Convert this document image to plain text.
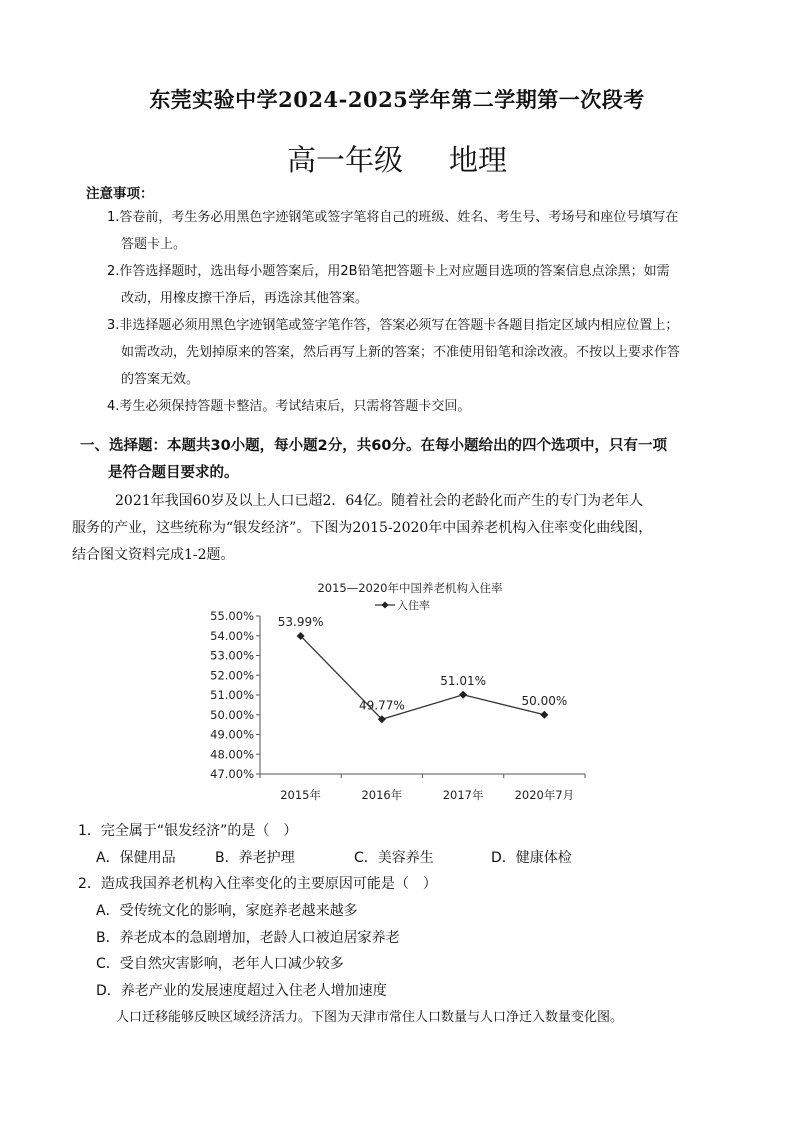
东莞实验中学2024-2025学年第二学期第一次段考
高一年级 地理
注意事项：
1.答卷前，考生务必用黑色字迹钢笔或签字笔将自己的班级、姓名、考生号、考场号和座位号填写在
答题卡上。
2.作答选择题时，选出每小题答案后，用2B铅笔把答题卡上对应题目选项的答案信息点涂黑；如需
改动，用橡皮擦干净后，再选涂其他答案。
3.非选择题必须用黑色字迹钢笔或签字笔作答，答案必须写在答题卡各题目指定区域内相应位置上；
如需改动，先划掉原来的答案，然后再写上新的答案；不准使用铅笔和涂改液。不按以上要求作答
的答案无效。
4.考生必须保持答题卡整洁。考试结束后，只需将答题卡交回。
一、选择题：本题共30小题，每小题2分，共60分。在每小题给出的四个选项中，只有一项
是符合题目要求的。
2021年我国60岁及以上人口已超2．64亿。随着社会的老龄化而产生的专门为老年人
服务的产业，这些统称为“银发经济”。下图为2015-2020年中国养老机构入住率变化曲线图，
结合图文资料完成1-2题。
2015—2020年中国养老机构入住率
入住率
47.00%
48.00%
49.00%
50.00%
51.00%
52.00%
53.00%
54.00%
55.00%
2015年	2016年	2017年	2020年7月
53.99%
49.77%
51.01%
50.00%
1．完全属于“银发经济”的是（　）
A．保健用品	B．养老护理	C．美容养生	D．健康体检
2．造成我国养老机构入住率变化的主要原因可能是（　）
A．受传统文化的影响，家庭养老越来越多
B．养老成本的急剧增加，老龄人口被迫居家养老
C．受自然灾害影响，老年人口减少较多
D．养老产业的发展速度超过入住老人增加速度
人口迁移能够反映区域经济活力。下图为天津市常住人口数量与人口净迁入数量变化图。
